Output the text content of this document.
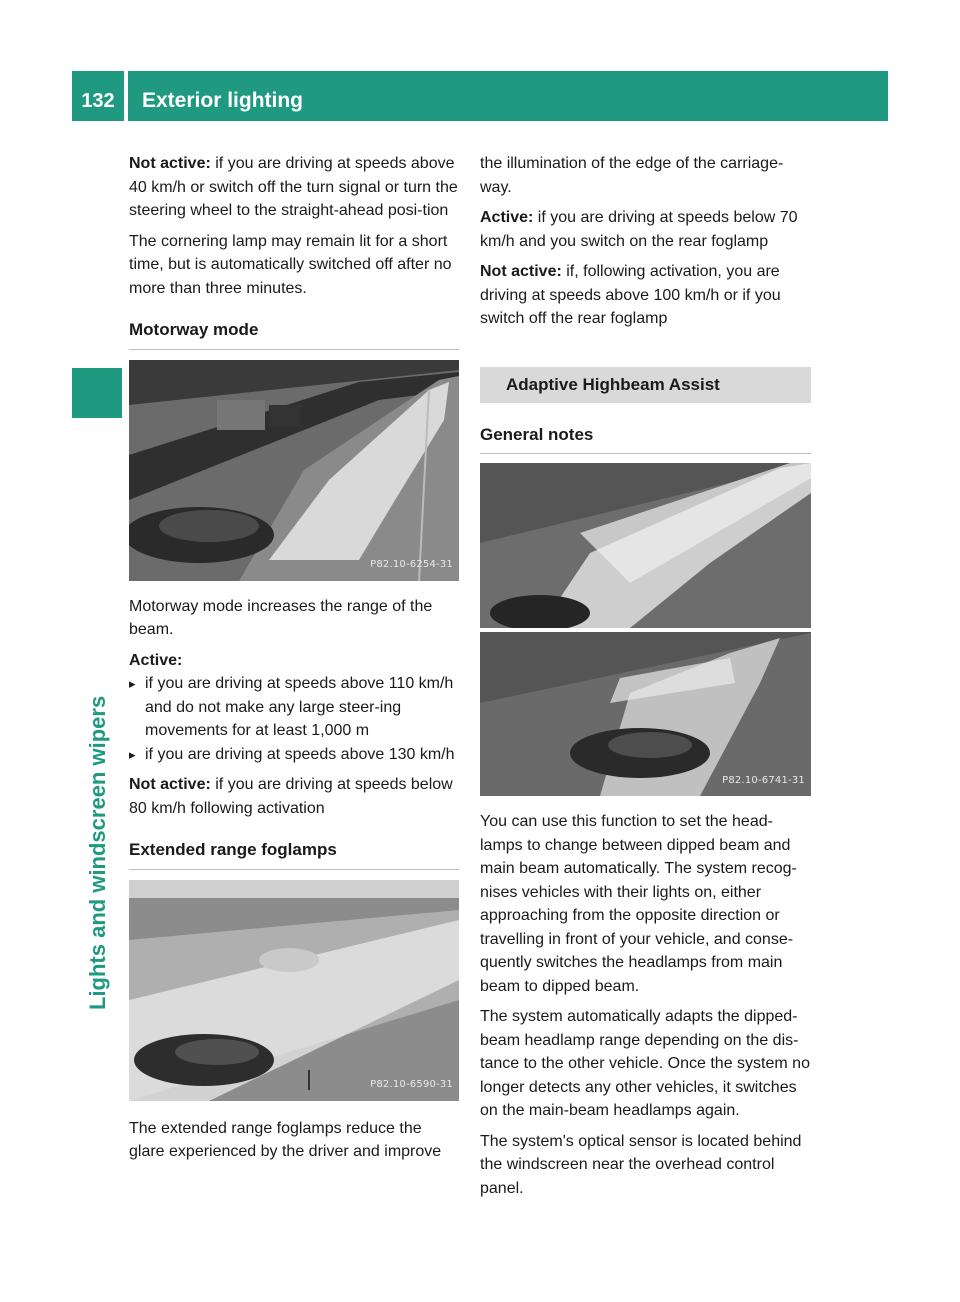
132	Exterior lighting
Lights and windscreen wipers

Not active: if you are driving at speeds above 40 km/h or switch off the turn signal or turn the steering wheel to the straight-ahead posi-tion

The cornering lamp may remain lit for a short time, but is automatically switched off after no more than three minutes.

Motorway mode
P82.10-6254-31

Motorway mode increases the range of the beam.

Active:

▸ if you are driving at speeds above 110 km/h and do not make any large steer-ing movements for at least 1,000 m

▸ if you are driving at speeds above 130 km/h

Not active: if you are driving at speeds below 80 km/h following activation

Extended range foglamps
P82.10-6590-31

The extended range foglamps reduce the glare experienced by the driver and improve

the illumination of the edge of the carriage-way.

Active: if you are driving at speeds below 70 km/h and you switch on the rear foglamp

Not active: if, following activation, you are driving at speeds above 100 km/h or if you switch off the rear foglamp

Adaptive Highbeam Assist
General notes
P82.10-6741-31

You can use this function to set the head-lamps to change between dipped beam and main beam automatically. The system recog-nises vehicles with their lights on, either approaching from the opposite direction or travelling in front of your vehicle, and conse-quently switches the headlamps from main beam to dipped beam.

The system automatically adapts the dipped-beam headlamp range depending on the dis-tance to the other vehicle. Once the system no longer detects any other vehicles, it switches on the main-beam headlamps again.

The system's optical sensor is located behind the windscreen near the overhead control panel.
